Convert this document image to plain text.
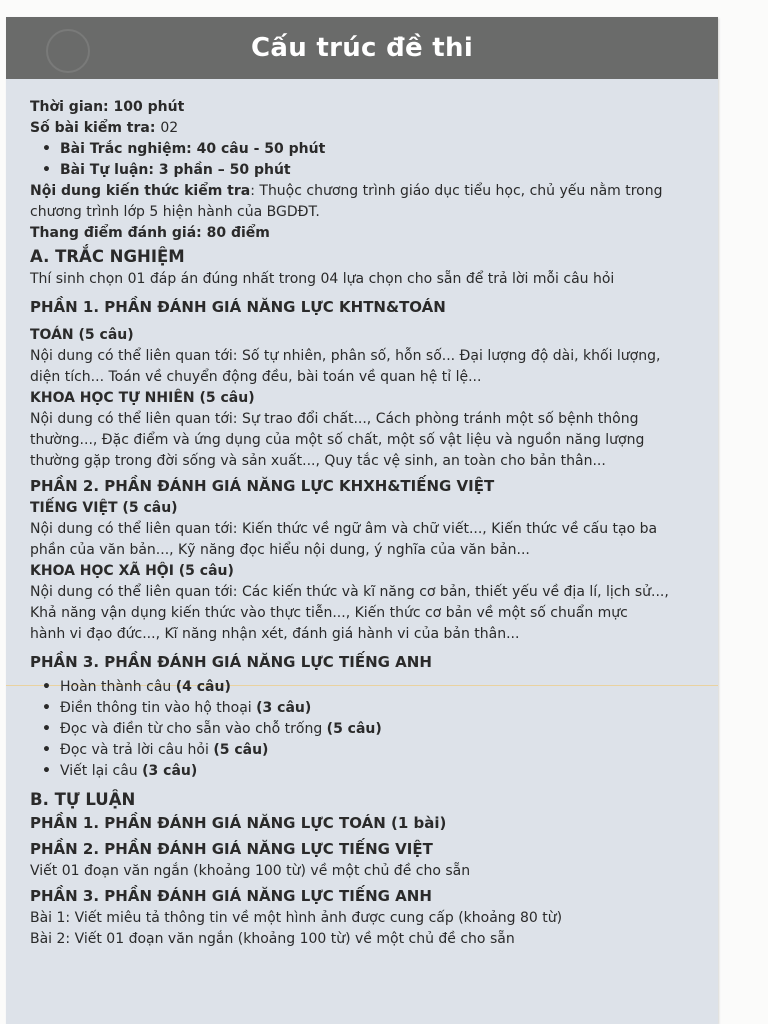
Cấu trúc đề thi
Thời gian: 100 phút
Số bài kiểm tra: 02
• Bài Trắc nghiệm: 40 câu - 50 phút
• Bài Tự luận: 3 phần – 50 phút
Nội dung kiến thức kiểm tra: Thuộc chương trình giáo dục tiểu học, chủ yếu nằm trong
chương trình lớp 5 hiện hành của BGDĐT.
Thang điểm đánh giá: 80 điểm
A. TRẮC NGHIỆM
Thí sinh chọn 01 đáp án đúng nhất trong 04 lựa chọn cho sẵn để trả lời mỗi câu hỏi
PHẦN 1. PHẦN ĐÁNH GIÁ NĂNG LỰC KHTN&TOÁN
TOÁN (5 câu)
Nội dung có thể liên quan tới: Số tự nhiên, phân số, hỗn số... Đại lượng độ dài, khối lượng,
diện tích... Toán về chuyển động đều, bài toán về quan hệ tỉ lệ...
KHOA HỌC TỰ NHIÊN (5 câu)
Nội dung có thể liên quan tới: Sự trao đổi chất..., Cách phòng tránh một số bệnh thông
thường..., Đặc điểm và ứng dụng của một số chất, một số vật liệu và nguồn năng lượng
thường gặp trong đời sống và sản xuất..., Quy tắc vệ sinh, an toàn cho bản thân...
PHẦN 2. PHẦN ĐÁNH GIÁ NĂNG LỰC KHXH&TIẾNG VIỆT
TIẾNG VIỆT (5 câu)
Nội dung có thể liên quan tới: Kiến thức về ngữ âm và chữ viết..., Kiến thức về cấu tạo ba
phần của văn bản..., Kỹ năng đọc hiểu nội dung, ý nghĩa của văn bản...
KHOA HỌC XÃ HỘI (5 câu)
Nội dung có thể liên quan tới: Các kiến thức và kĩ năng cơ bản, thiết yếu về địa lí, lịch sử...,
Khả năng vận dụng kiến thức vào thực tiễn..., Kiến thức cơ bản về một số chuẩn mực
hành vi đạo đức..., Kĩ năng nhận xét, đánh giá hành vi của bản thân...
PHẦN 3. PHẦN ĐÁNH GIÁ NĂNG LỰC TIẾNG ANH
• Hoàn thành câu (4 câu)
• Điền thông tin vào hộ thoại (3 câu)
• Đọc và điền từ cho sẵn vào chỗ trống (5 câu)
• Đọc và trả lời câu hỏi (5 câu)
• Viết lại câu (3 câu)
B. TỰ LUẬN
PHẦN 1. PHẦN ĐÁNH GIÁ NĂNG LỰC TOÁN (1 bài)
PHẦN 2. PHẦN ĐÁNH GIÁ NĂNG LỰC TIẾNG VIỆT
Viết 01 đoạn văn ngắn (khoảng 100 từ) về một chủ đề cho sẵn
PHẦN 3. PHẦN ĐÁNH GIÁ NĂNG LỰC TIẾNG ANH
Bài 1: Viết miêu tả thông tin về một hình ảnh được cung cấp (khoảng 80 từ)
Bài 2: Viết 01 đoạn văn ngắn (khoảng 100 từ) về một chủ đề cho sẵn
